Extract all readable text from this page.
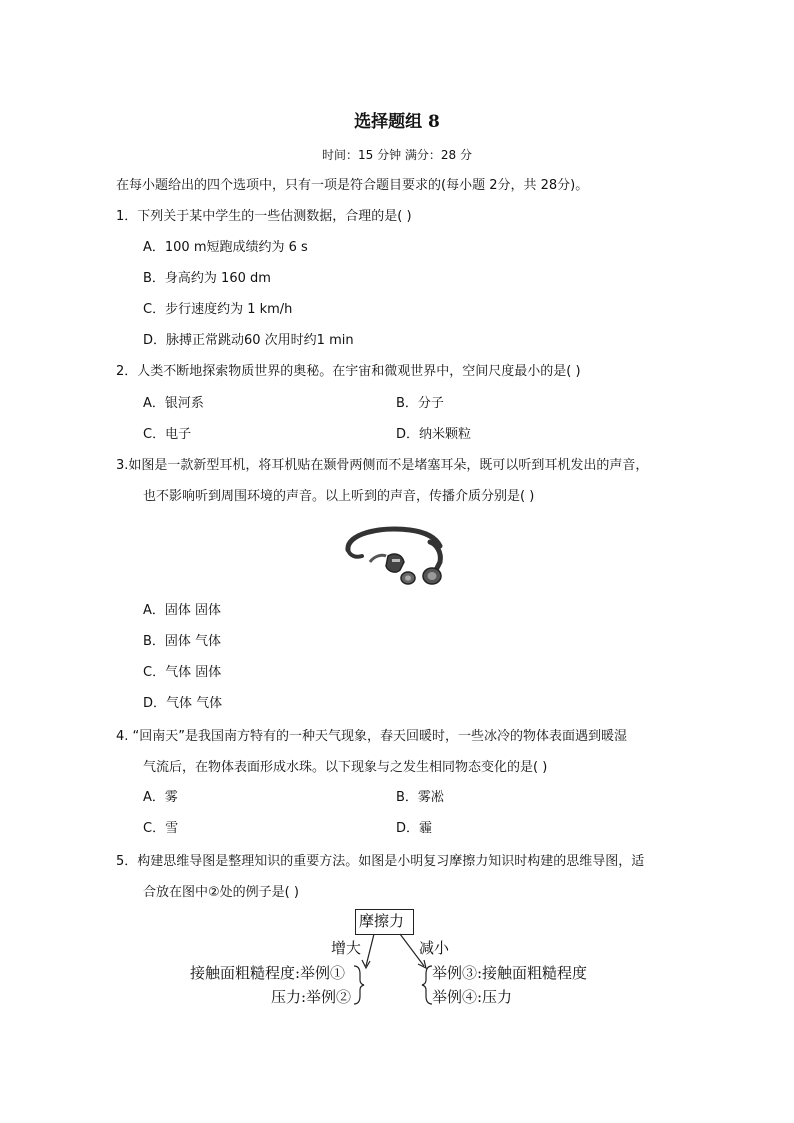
选择题组 8
时间：15 分钟 满分：28 分
在每小题给出的四个选项中，只有一项是符合题目要求的(每小题 2分，共 28分)。
1．下列关于某中学生的一些估测数据，合理的是( )
A．100 m短跑成绩约为 6 s
B．身高约为 160 dm
C．步行速度约为 1 km/h
D．脉搏正常跳动60 次用时约1 min
2．人类不断地探索物质世界的奥秘。在宇宙和微观世界中，空间尺度最小的是( )
A．银河系	B．分子
C．电子	D．纳米颗粒
3.如图是一款新型耳机，将耳机贴在颞骨两侧而不是堵塞耳朵，既可以听到耳机发出的声音，
也不影响听到周围环境的声音。以上听到的声音，传播介质分别是( )
A．固体 固体
B．固体 气体
C．气体 固体
D．气体 气体
4. “回南天”是我国南方特有的一种天气现象，春天回暖时，一些冰冷的物体表面遇到暖湿
气流后，在物体表面形成水珠。以下现象与之发生相同物态变化的是( )
A．雾	B．雾凇
C．雪	D．霾
5．构建思维导图是整理知识的重要方法。如图是小明复习摩擦力知识时构建的思维导图，适
合放在图中②处的例子是( )
摩擦力
增大	减小
接触面粗糙程度:举例①
压力:举例②
举例③:接触面粗糙程度
举例④:压力
